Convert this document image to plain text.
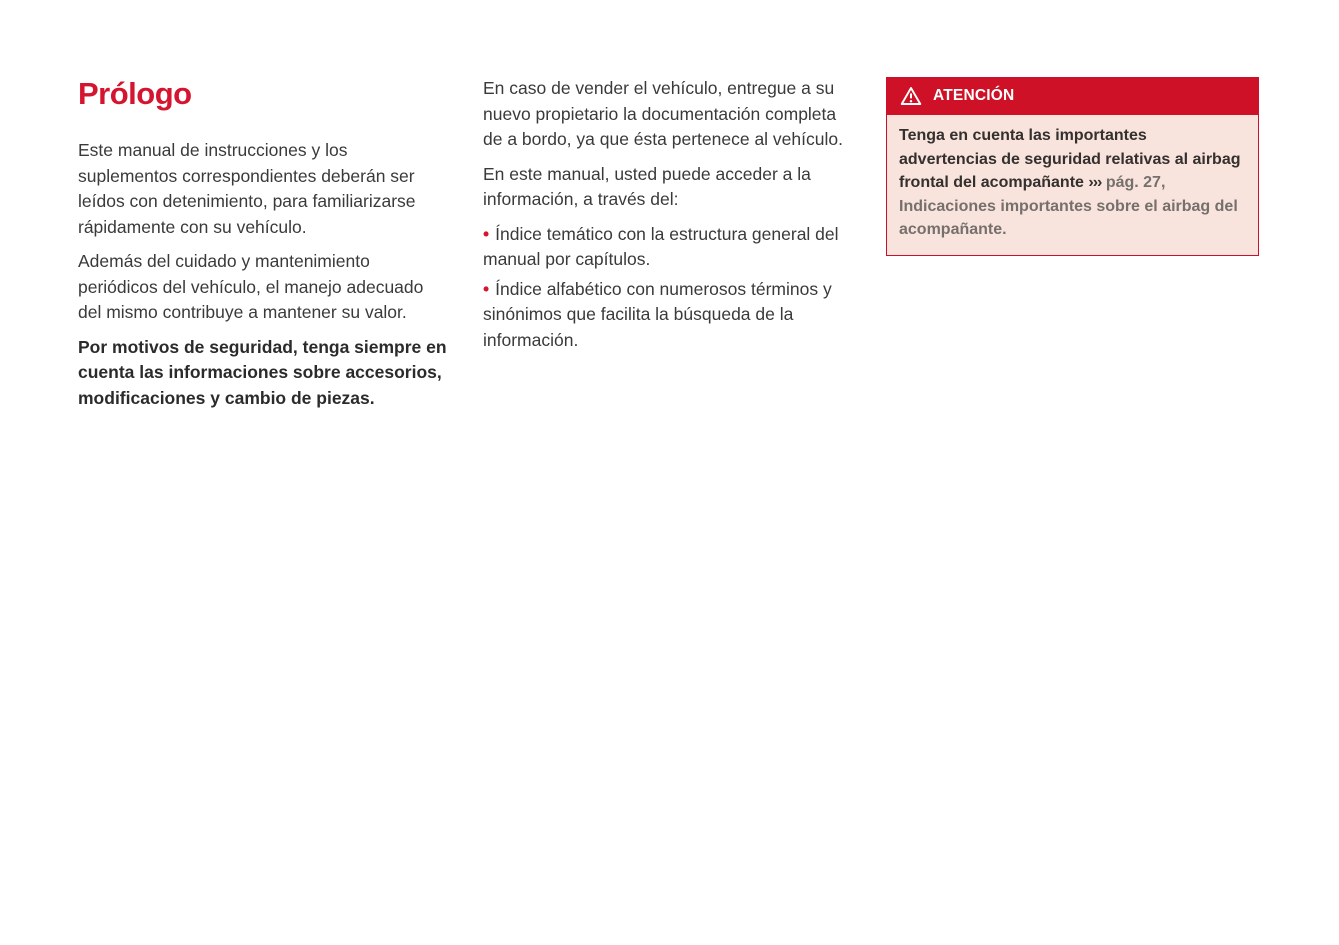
Prólogo

Este manual de instrucciones y los suplementos correspondientes deberán ser leídos con detenimiento, para familiarizarse rápidamente con su vehículo.

Además del cuidado y mantenimiento periódicos del vehículo, el manejo adecuado del mismo contribuye a mantener su valor.

Por motivos de seguridad, tenga siempre en cuenta las informaciones sobre accesorios, modificaciones y cambio de piezas.

En caso de vender el vehículo, entregue a su nuevo propietario la documentación completa de a bordo, ya que ésta pertenece al vehículo.

En este manual, usted puede acceder a la información, a través del:

• Índice temático con la estructura general del manual por capítulos.

• Índice alfabético con numerosos términos y sinónimos que facilita la búsqueda de la información.

ATENCIÓN
Tenga en cuenta las importantes advertencias de seguridad relativas al airbag frontal del acompañante ››› pág. 27, Indicaciones importantes sobre el airbag del acompañante.
